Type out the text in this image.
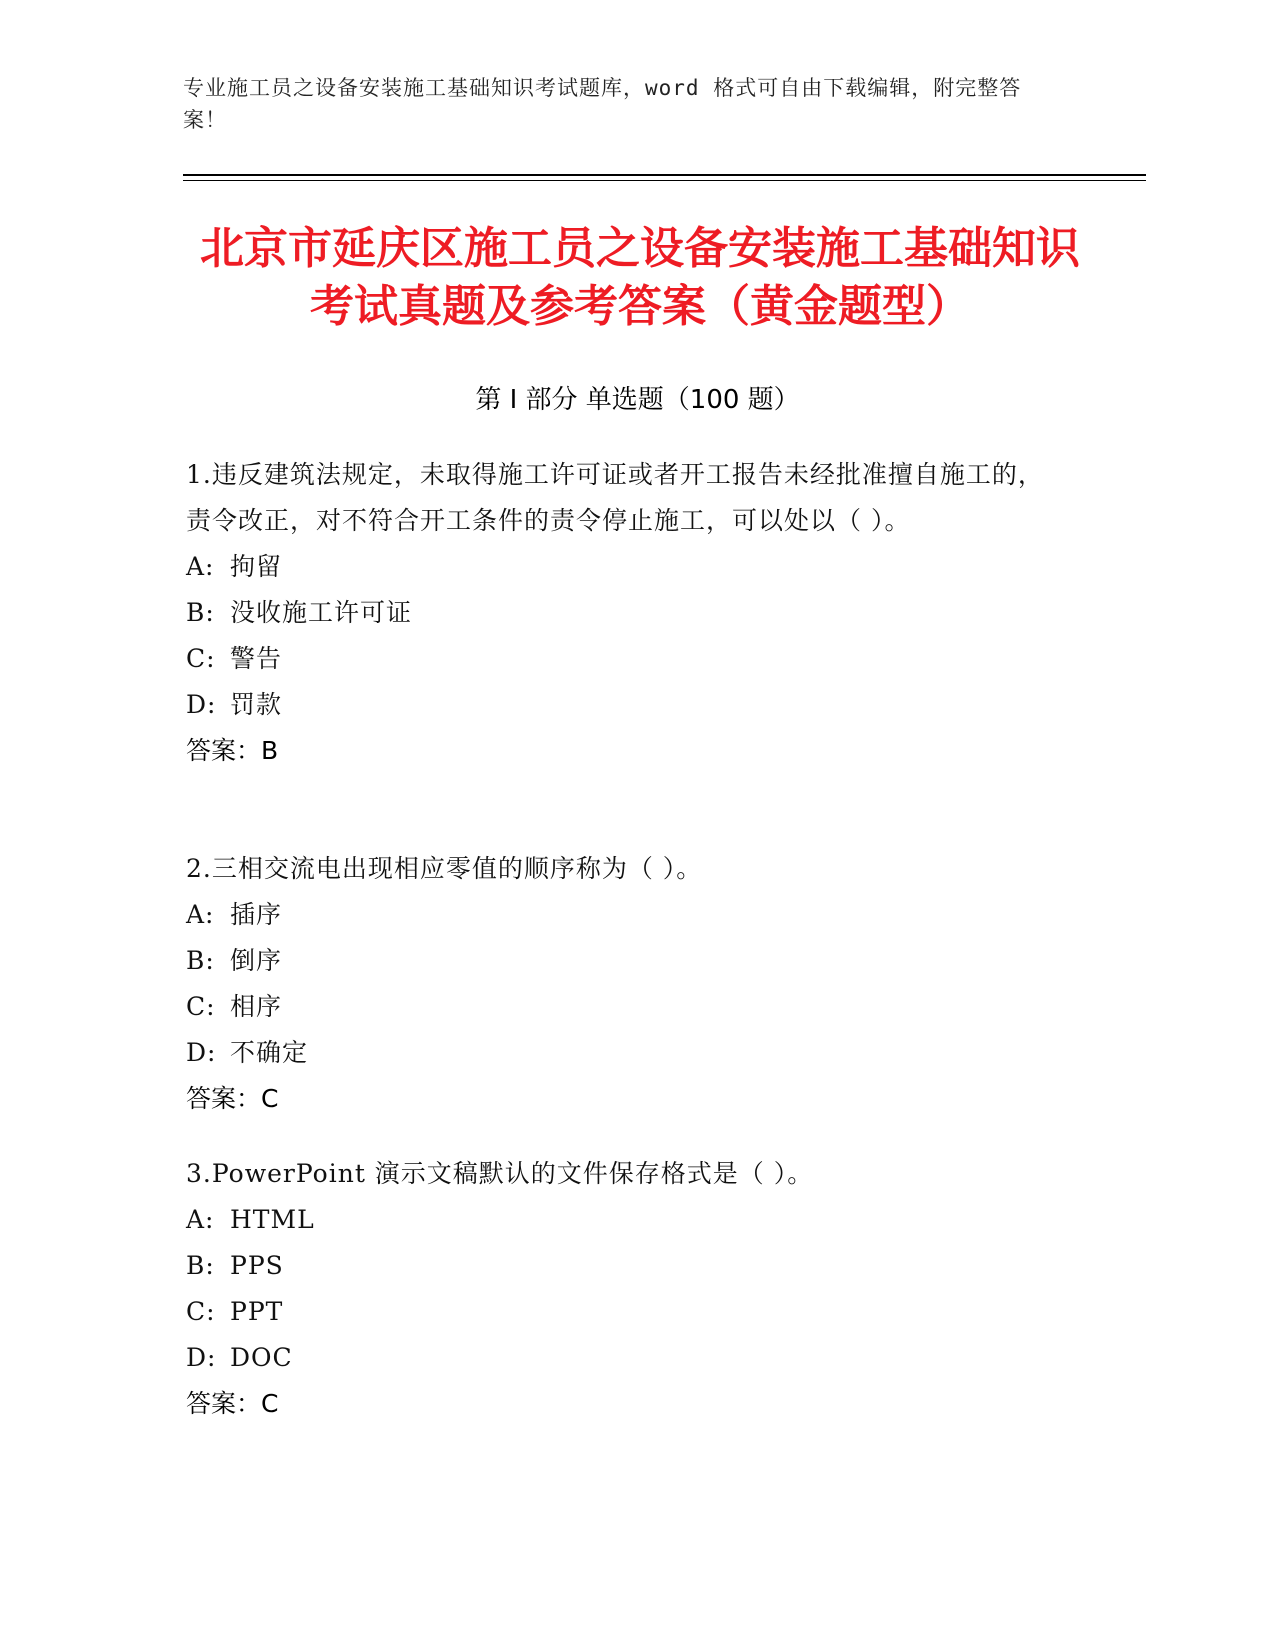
专业施工员之设备安装施工基础知识考试题库，word 格式可自由下载编辑，附完整答案！
北京市延庆区施工员之设备安装施工基础知识考试真题及参考答案（黄金题型）
第 I 部分 单选题（100 题）
1.违反建筑法规定，未取得施工许可证或者开工报告未经批准擅自施工的，责令改正，对不符合开工条件的责令停止施工，可以处以（ ）。
A: 拘留
B: 没收施工许可证
C: 警告
D: 罚款
答案：B
2.三相交流电出现相应零值的顺序称为（ ）。
A: 插序
B: 倒序
C: 相序
D: 不确定
答案：C
3.PowerPoint 演示文稿默认的文件保存格式是（ ）。
A: HTML
B: PPS
C: PPT
D: DOC
答案：C
